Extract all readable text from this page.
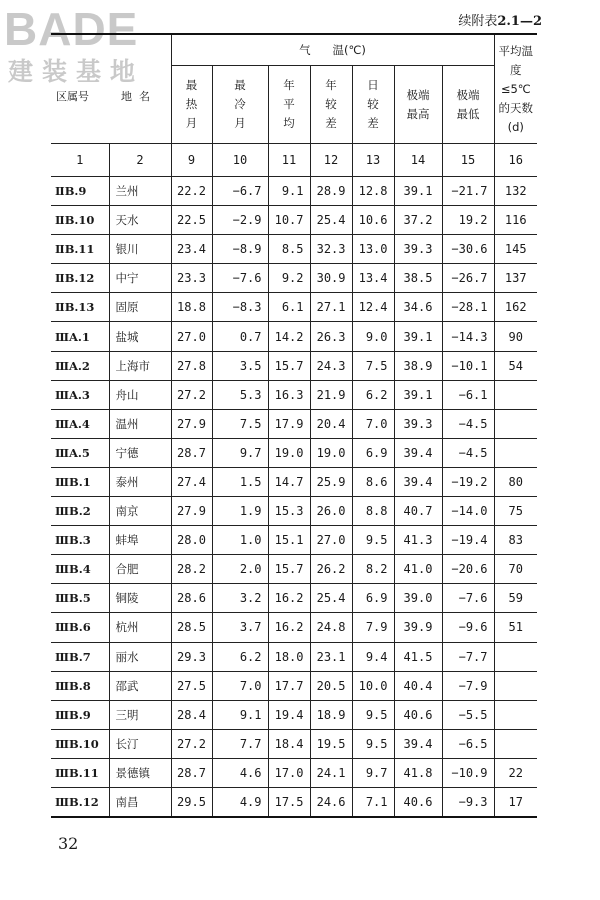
BADE
建装基地
续附表2.1—2
区属号 地  名		气      温(℃)							平均温度≤5℃的天数(d)
		最热月	最冷月	年平均	年较差	日较差	极端最高	极端最低	
1	2	9	10	11	12	13	14	15	16
ⅡB.9	兰州	22.2	−6.7	9.1	28.9	12.8	39.1	−21.7	132
ⅡB.10	天水	22.5	−2.9	10.7	25.4	10.6	37.2	19.2	116
ⅡB.11	银川	23.4	−8.9	8.5	32.3	13.0	39.3	−30.6	145
ⅡB.12	中宁	23.3	−7.6	9.2	30.9	13.4	38.5	−26.7	137
ⅡB.13	固原	18.8	−8.3	6.1	27.1	12.4	34.6	−28.1	162
ⅢA.1	盐城	27.0	0.7	14.2	26.3	9.0	39.1	−14.3	90
ⅢA.2	上海市	27.8	3.5	15.7	24.3	7.5	38.9	−10.1	54
ⅢA.3	舟山	27.2	5.3	16.3	21.9	6.2	39.1	−6.1	
ⅢA.4	温州	27.9	7.5	17.9	20.4	7.0	39.3	−4.5	
ⅢA.5	宁德	28.7	9.7	19.0	19.0	6.9	39.4	−4.5	
ⅢB.1	泰州	27.4	1.5	14.7	25.9	8.6	39.4	−19.2	80
ⅢB.2	南京	27.9	1.9	15.3	26.0	8.8	40.7	−14.0	75
ⅢB.3	蚌埠	28.0	1.0	15.1	27.0	9.5	41.3	−19.4	83
ⅢB.4	合肥	28.2	2.0	15.7	26.2	8.2	41.0	−20.6	70
ⅢB.5	铜陵	28.6	3.2	16.2	25.4	6.9	39.0	−7.6	59
ⅢB.6	杭州	28.5	3.7	16.2	24.8	7.9	39.9	−9.6	51
ⅢB.7	丽水	29.3	6.2	18.0	23.1	9.4	41.5	−7.7	
ⅢB.8	邵武	27.5	7.0	17.7	20.5	10.0	40.4	−7.9	
ⅢB.9	三明	28.4	9.1	19.4	18.9	9.5	40.6	−5.5	
ⅢB.10	长汀	27.2	7.7	18.4	19.5	9.5	39.4	−6.5	
ⅢB.11	景德镇	28.7	4.6	17.0	24.1	9.7	41.8	−10.9	22
ⅢB.12	南昌	29.5	4.9	17.5	24.6	7.1	40.6	−9.3	17
32
